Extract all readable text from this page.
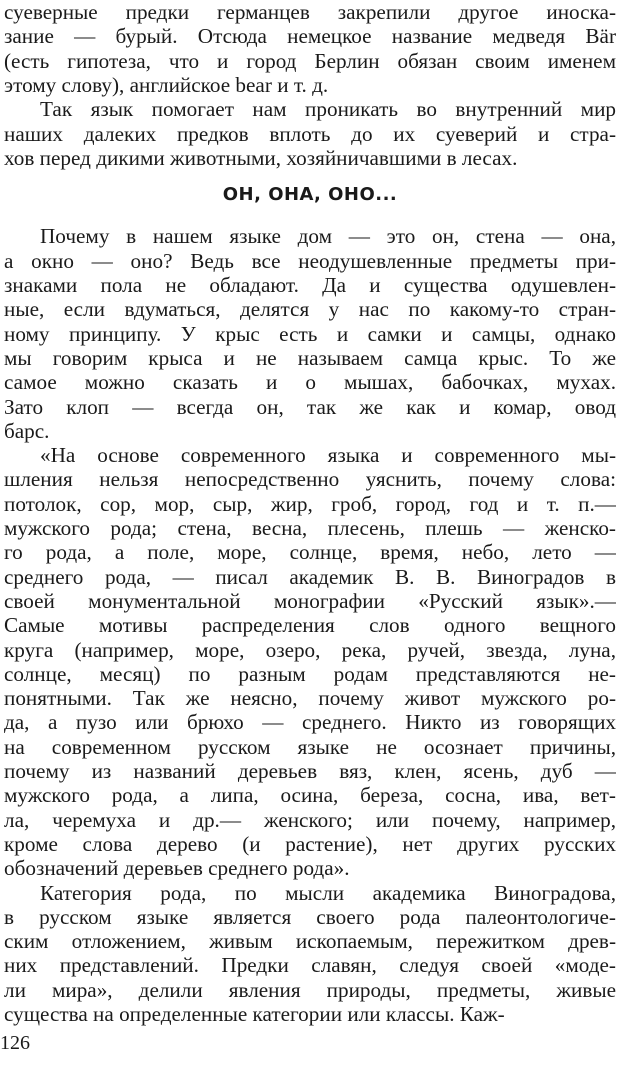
суеверные предки германцев закрепили другое иноска-
зание — бурый. Отсюда немецкое название медведя Bär
(есть гипотеза, что и город Берлин обязан своим именем
этому слову), английское bear и т. д.
Так язык помогает нам проникать во внутренний мир
наших далеких предков вплоть до их суеверий и стра-
хов перед дикими животными, хозяйничавшими в лесах.
ОН, ОНА, ОНО...
Почему в нашем языке дом — это он, стена — она,
а окно — оно? Ведь все неодушевленные предметы при-
знаками пола не обладают. Да и существа одушевлен-
ные, если вдуматься, делятся у нас по какому-то стран-
ному принципу. У крыс есть и самки и самцы, однако
мы говорим крыса и не называем самца крыс. То же
самое можно сказать и о мышах, бабочках, мухах.
Зато клоп — всегда он, так же как и комар, овод
барс.
«На основе современного языка и современного мы-
шления нельзя непосредственно уяснить, почему слова:
потолок, сор, мор, сыр, жир, гроб, город, год и т. п.—
мужского рода; стена, весна, плесень, плешь — женско-
го рода, а поле, море, солнце, время, небо, лето —
среднего рода, — писал академик В. В. Виноградов в
своей монументальной монографии «Русский язык».—
Самые мотивы распределения слов одного вещного
круга (например, море, озеро, река, ручей, звезда, луна,
солнце, месяц) по разным родам представляются не-
понятными. Так же неясно, почему живот мужского ро-
да, а пузо или брюхо — среднего. Никто из говорящих
на современном русском языке не осознает причины,
почему из названий деревьев вяз, клен, ясень, дуб —
мужского рода, а липа, осина, береза, сосна, ива, вет-
ла, черемуха и др.— женского; или почему, например,
кроме слова дерево (и растение), нет других русских
обозначений деревьев среднего рода».
Категория рода, по мысли академика Виноградова,
в русском языке является своего рода палеонтологиче-
ским отложением, живым ископаемым, пережитком древ-
них представлений. Предки славян, следуя своей «моде-
ли мира», делили явления природы, предметы, живые
существа на определенные категории или классы. Каж-
126
